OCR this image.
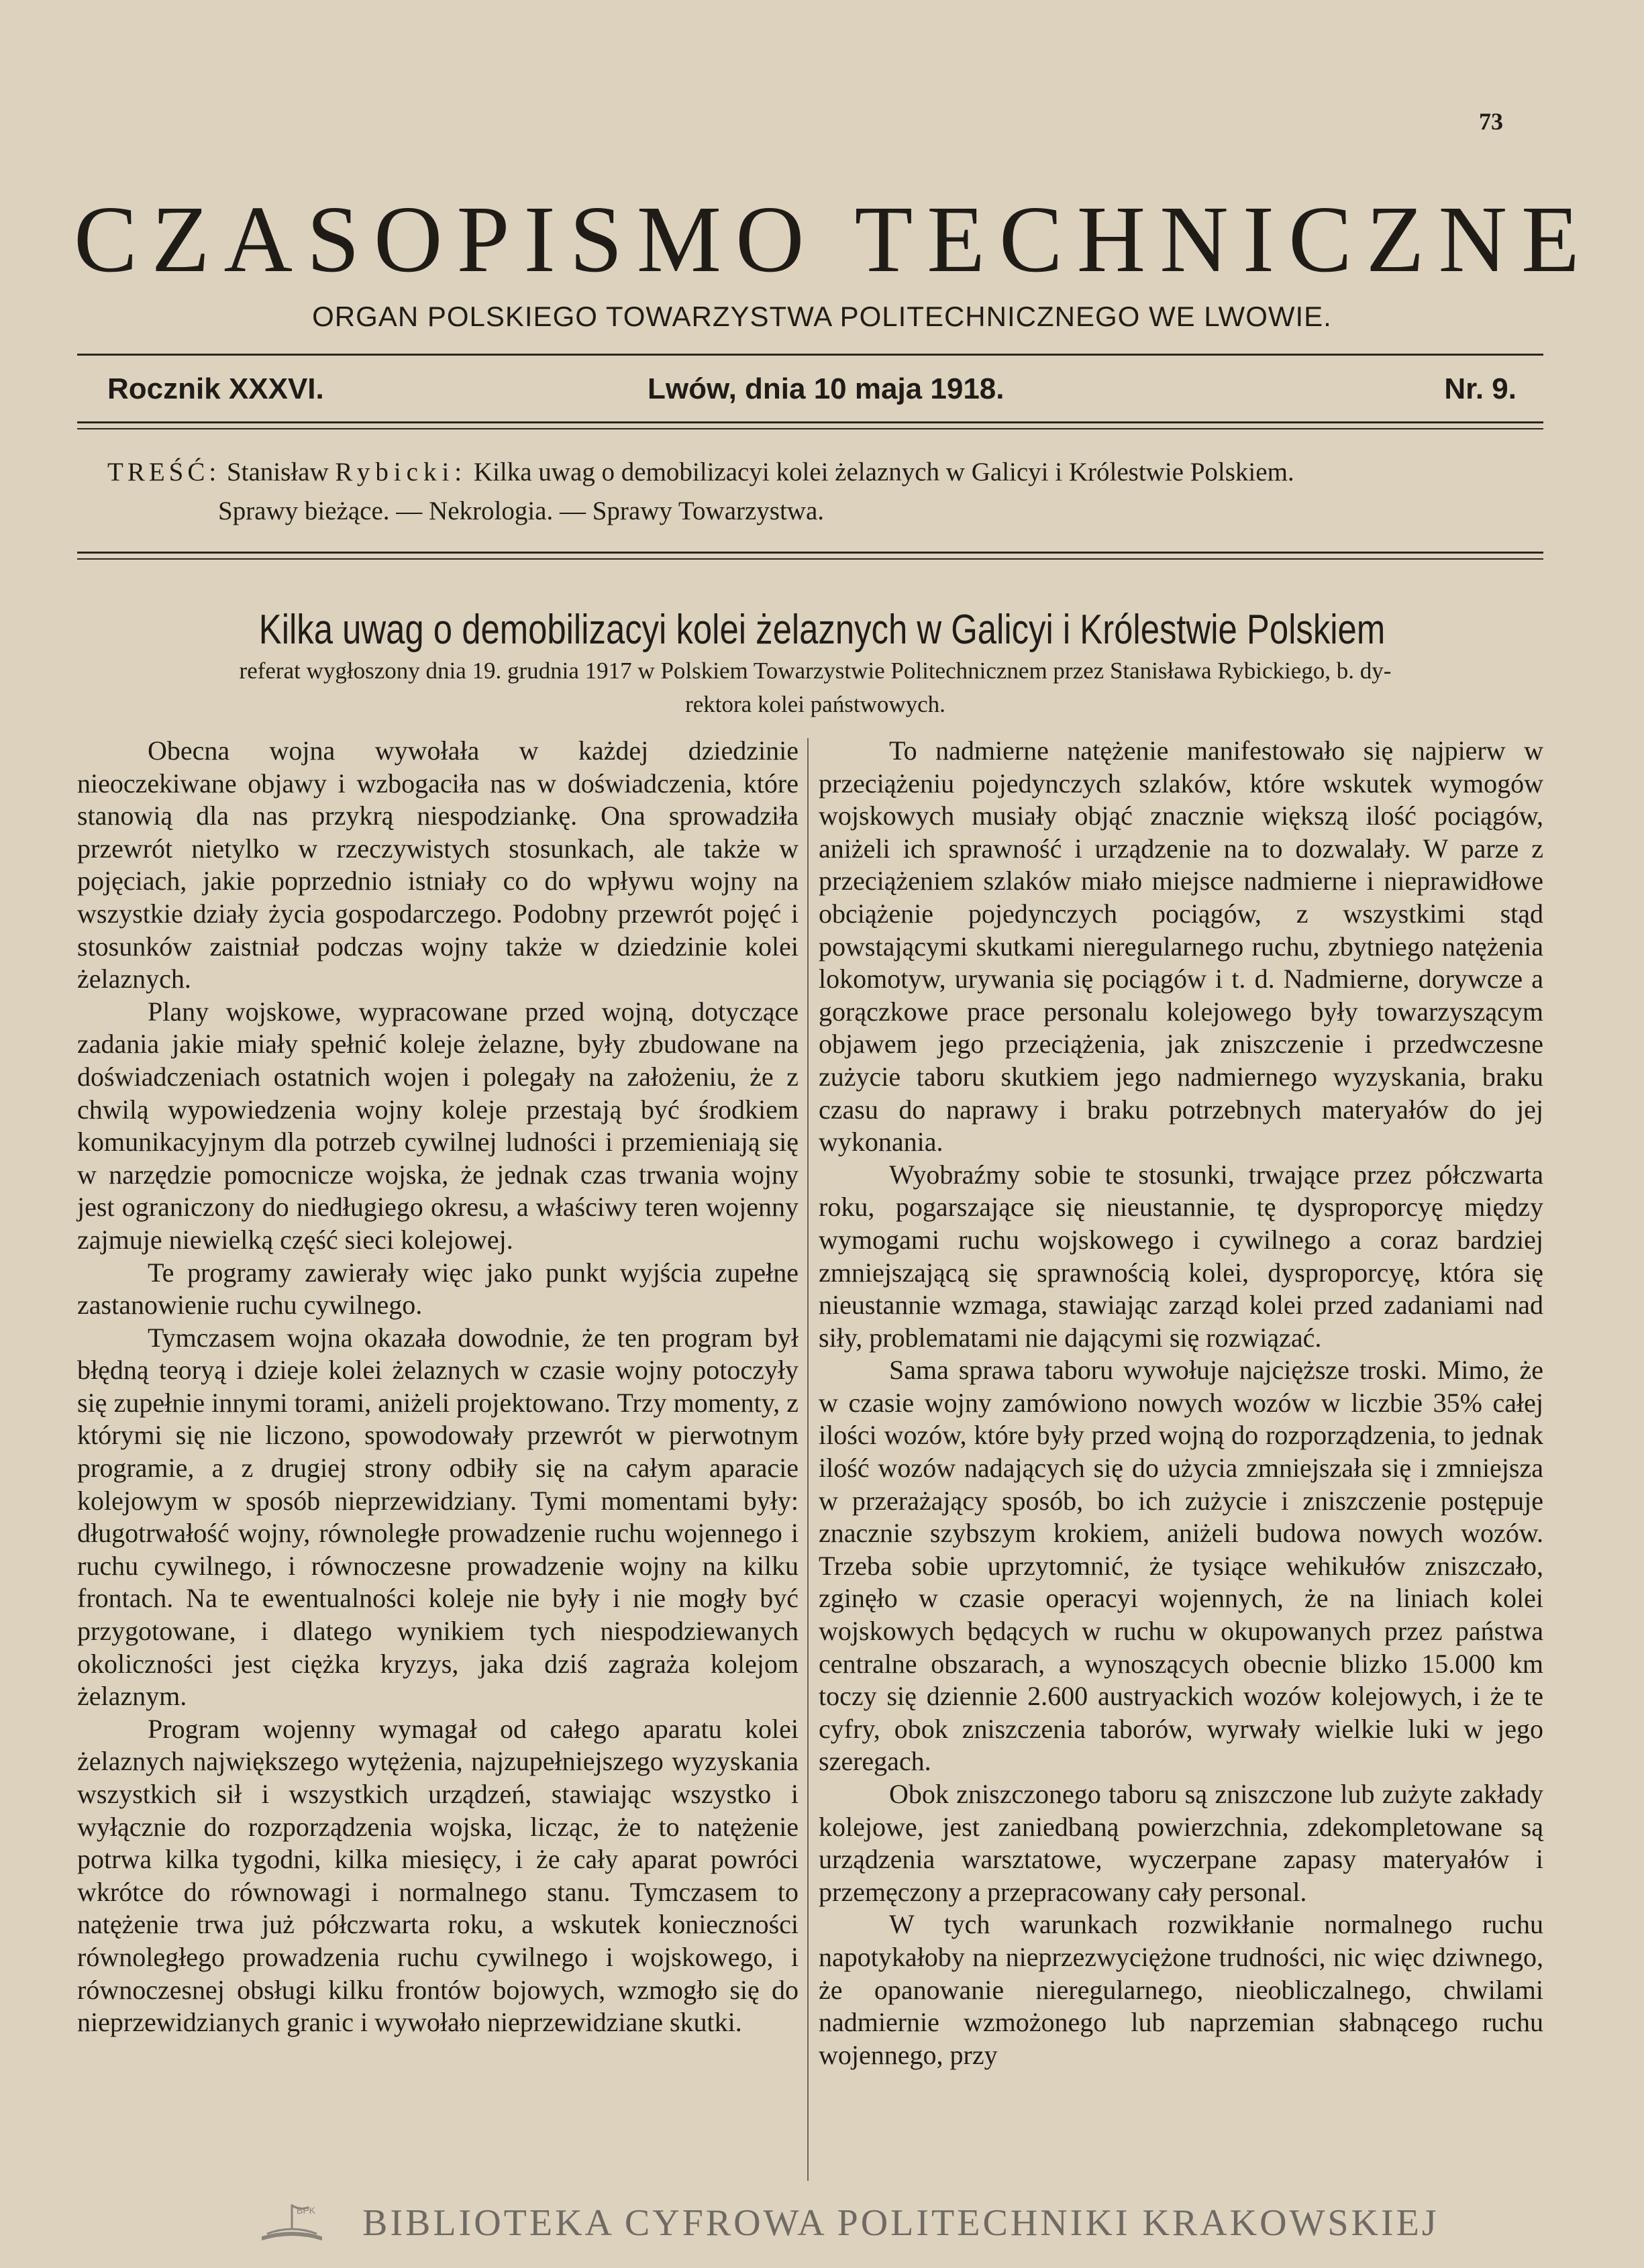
73
CZASOPISMO TECHNICZNE
ORGAN POLSKIEGO TOWARZYSTWA POLITECHNICZNEGO WE LWOWIE.
Rocznik XXXVI.	Lwów, dnia 10 maja 1918.	Nr. 9.
TREŚĆ: Stanisław Rybicki: Kilka uwag o demobilizacyi kolei żelaznych w Galicyi i Królestwie Polskiem.
Sprawy bieżące. — Nekrologia. — Sprawy Towarzystwa.
Kilka uwag o demobilizacyi kolei żelaznych w Galicyi i Królestwie Polskiem
referat wygłoszony dnia 19. grudnia 1917 w Polskiem Towarzystwie Politechnicznem przez Stanisława Rybickiego, b. dy-
rektora kolei państwowych.

Obecna wojna wywołała w każdej dziedzinie nieoczekiwane objawy i wzbogaciła nas w doświadczenia, które stanowią dla nas przykrą niespodziankę. Ona sprowadziła przewrót nietylko w rzeczywistych stosunkach, ale także w pojęciach, jakie poprzednio istniały co do wpływu wojny na wszystkie działy życia gospodarczego. Podobny przewrót pojęć i stosunków zaistniał podczas wojny także w dziedzinie kolei żelaznych.

Plany wojskowe, wypracowane przed wojną, dotyczące zadania jakie miały spełnić koleje żelazne, były zbudowane na doświadczeniach ostatnich wojen i polegały na założeniu, że z chwilą wypowiedzenia wojny koleje przestają być środkiem komunikacyjnym dla potrzeb cywilnej ludności i przemieniają się w narzędzie pomocnicze wojska, że jednak czas trwania wojny jest ograniczony do niedługiego okresu, a właściwy teren wojenny zajmuje niewielką część sieci kolejowej.

Te programy zawierały więc jako punkt wyjścia zupełne zastanowienie ruchu cywilnego.

Tymczasem wojna okazała dowodnie, że ten program był błędną teoryą i dzieje kolei żelaznych w czasie wojny potoczyły się zupełnie innymi torami, aniżeli projektowano. Trzy momenty, z którymi się nie liczono, spowodowały przewrót w pierwotnym programie, a z drugiej strony odbiły się na całym aparacie kolejowym w sposób nieprzewidziany. Tymi momentami były: długotrwałość wojny, równoległe prowadzenie ruchu wojennego i ruchu cywilnego, i równoczesne prowadzenie wojny na kilku frontach. Na te ewentualności koleje nie były i nie mogły być przygotowane, i dlatego wynikiem tych niespodziewanych okoliczności jest ciężka kryzys, jaka dziś zagraża kolejom żelaznym.

Program wojenny wymagał od całego aparatu kolei żelaznych największego wytężenia, najzupełniejszego wyzyskania wszystkich sił i wszystkich urządzeń, stawiając wszystko i wyłącznie do rozporządzenia wojska, licząc, że to natężenie potrwa kilka tygodni, kilka miesięcy, i że cały aparat powróci wkrótce do równowagi i normalnego stanu. Tymczasem to natężenie trwa już półczwarta roku, a wskutek konieczności równoległego prowadzenia ruchu cywilnego i wojskowego, i równoczesnej obsługi kilku frontów bojowych, wzmogło się do nieprzewidzianych granic i wywołało nieprzewidziane skutki.

To nadmierne natężenie manifestowało się najpierw w przeciążeniu pojedynczych szlaków, które wskutek wymogów wojskowych musiały objąć znacznie większą ilość pociągów, aniżeli ich sprawność i urządzenie na to dozwalały. W parze z przeciążeniem szlaków miało miejsce nadmierne i nieprawidłowe obciążenie pojedynczych pociągów, z wszystkimi stąd powstającymi skutkami nieregularnego ruchu, zbytniego natężenia lokomotyw, urywania się pociągów i t. d. Nadmierne, dorywcze a gorączkowe prace personalu kolejowego były towarzyszącym objawem jego przeciążenia, jak zniszczenie i przedwczesne zużycie taboru skutkiem jego nadmiernego wyzyskania, braku czasu do naprawy i braku potrzebnych materyałów do jej wykonania.

Wyobraźmy sobie te stosunki, trwające przez półczwarta roku, pogarszające się nieustannie, tę dysproporcyę między wymogami ruchu wojskowego i cywilnego a coraz bardziej zmniejszającą się sprawnością kolei, dysproporcyę, która się nieustannie wzmaga, stawiając zarząd kolei przed zadaniami nad siły, problematami nie dającymi się rozwiązać.

Sama sprawa taboru wywołuje najcięższe troski. Mimo, że w czasie wojny zamówiono nowych wozów w liczbie 35% całej ilości wozów, które były przed wojną do rozporządzenia, to jednak ilość wozów nadających się do użycia zmniejszała się i zmniejsza w przerażający sposób, bo ich zużycie i zniszczenie postępuje znacznie szybszym krokiem, aniżeli budowa nowych wozów. Trzeba sobie uprzytomnić, że tysiące wehikułów zniszczało, zginęło w czasie operacyi wojennych, że na liniach kolei wojskowych będących w ruchu w okupowanych przez państwa centralne obszarach, a wynoszących obecnie blizko 15.000 km toczy się dziennie 2.600 austryackich wozów kolejowych, i że te cyfry, obok zniszczenia taborów, wyrwały wielkie luki w jego szeregach.

Obok zniszczonego taboru są zniszczone lub zużyte zakłady kolejowe, jest zaniedbaną powierzchnia, zdekompletowane są urządzenia warsztatowe, wyczerpane zapasy materyałów i przemęczony a przepracowany cały personal.

W tych warunkach rozwikłanie normalnego ruchu napotykałoby na nieprzezwyciężone trudności, nic więc dziwnego, że opanowanie nieregularnego, nieobliczalnego, chwilami nadmiernie wzmożonego lub naprzemian słabnącego ruchu wojennego, przy

BPK BIBLIOTEKA CYFROWA POLITECHNIKI KRAKOWSKIEJ
